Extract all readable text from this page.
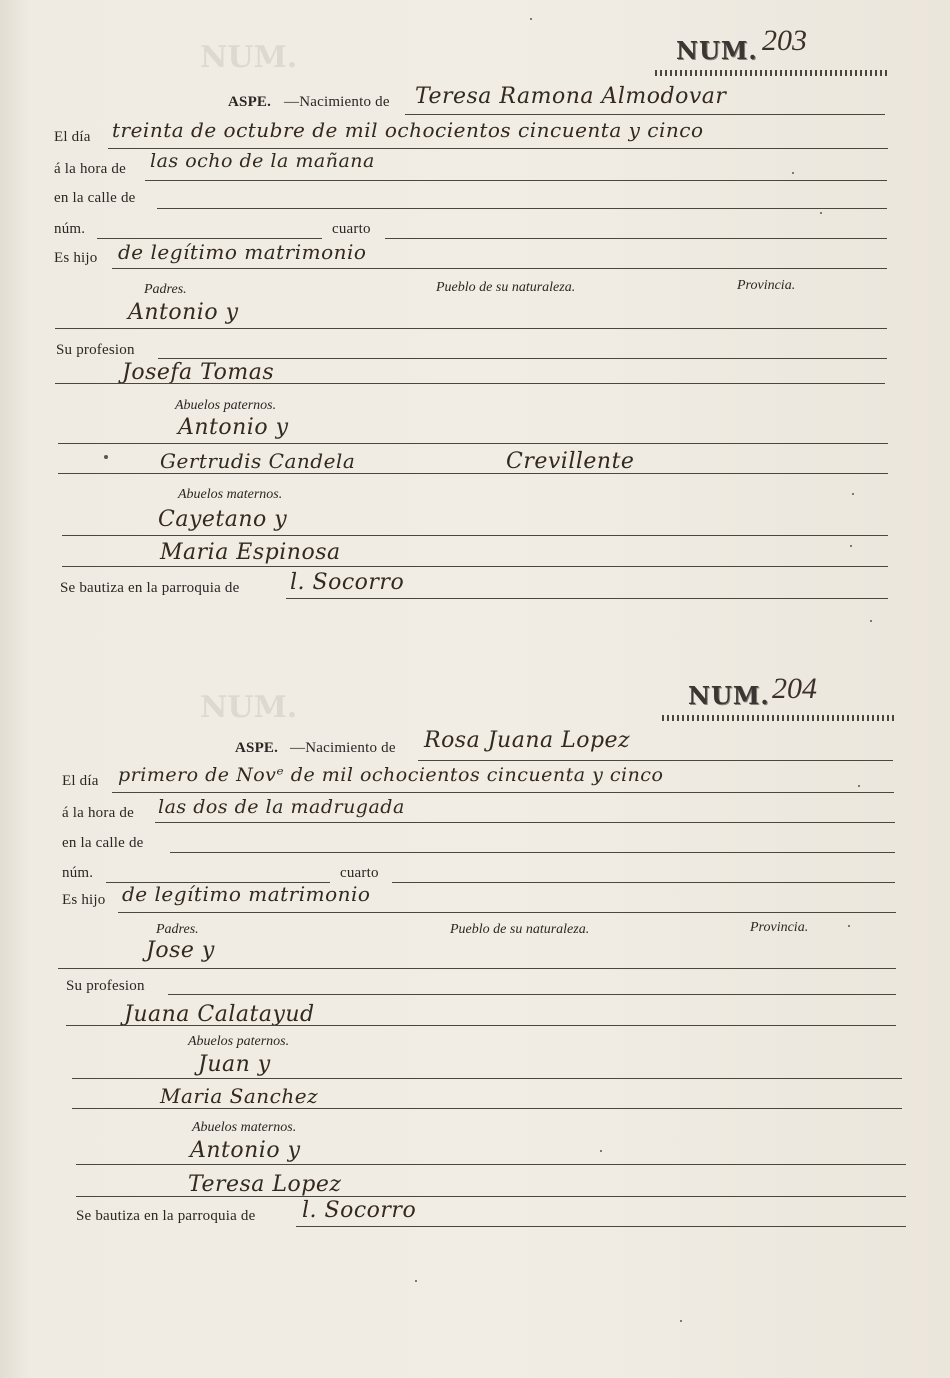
NUM.
NUM.
NUM. 203
ASPE. —Nacimiento de Teresa Ramona Almodovar
El día treinta de octubre de mil ochocientos cincuenta y cinco
á la hora de las ocho de la mañana
en la calle de
núm.	cuarto
Es hijo de legítimo matrimonio
Padres.	Pueblo de su naturaleza.	Provincia.
Antonio y
Su profesion
Josefa Tomas
Abuelos paternos.
Antonio y
Gertrudis Candela	Crevillente
Abuelos maternos.
Cayetano y
Maria Espinosa
Se bautiza en la parroquia de l. Socorro
NUM. 204
ASPE. —Nacimiento de Rosa Juana Lopez
El día primero de Novᵉ de mil ochocientos cincuenta y cinco
á la hora de las dos de la madrugada
en la calle de
núm.	cuarto
Es hijo de legítimo matrimonio
Padres.	Pueblo de su naturaleza.	Provincia.
Jose y
Su profesion
Juana Calatayud
Abuelos paternos.
Juan y
Maria Sanchez
Abuelos maternos.
Antonio y
Teresa Lopez
Se bautiza en la parroquia de l. Socorro
